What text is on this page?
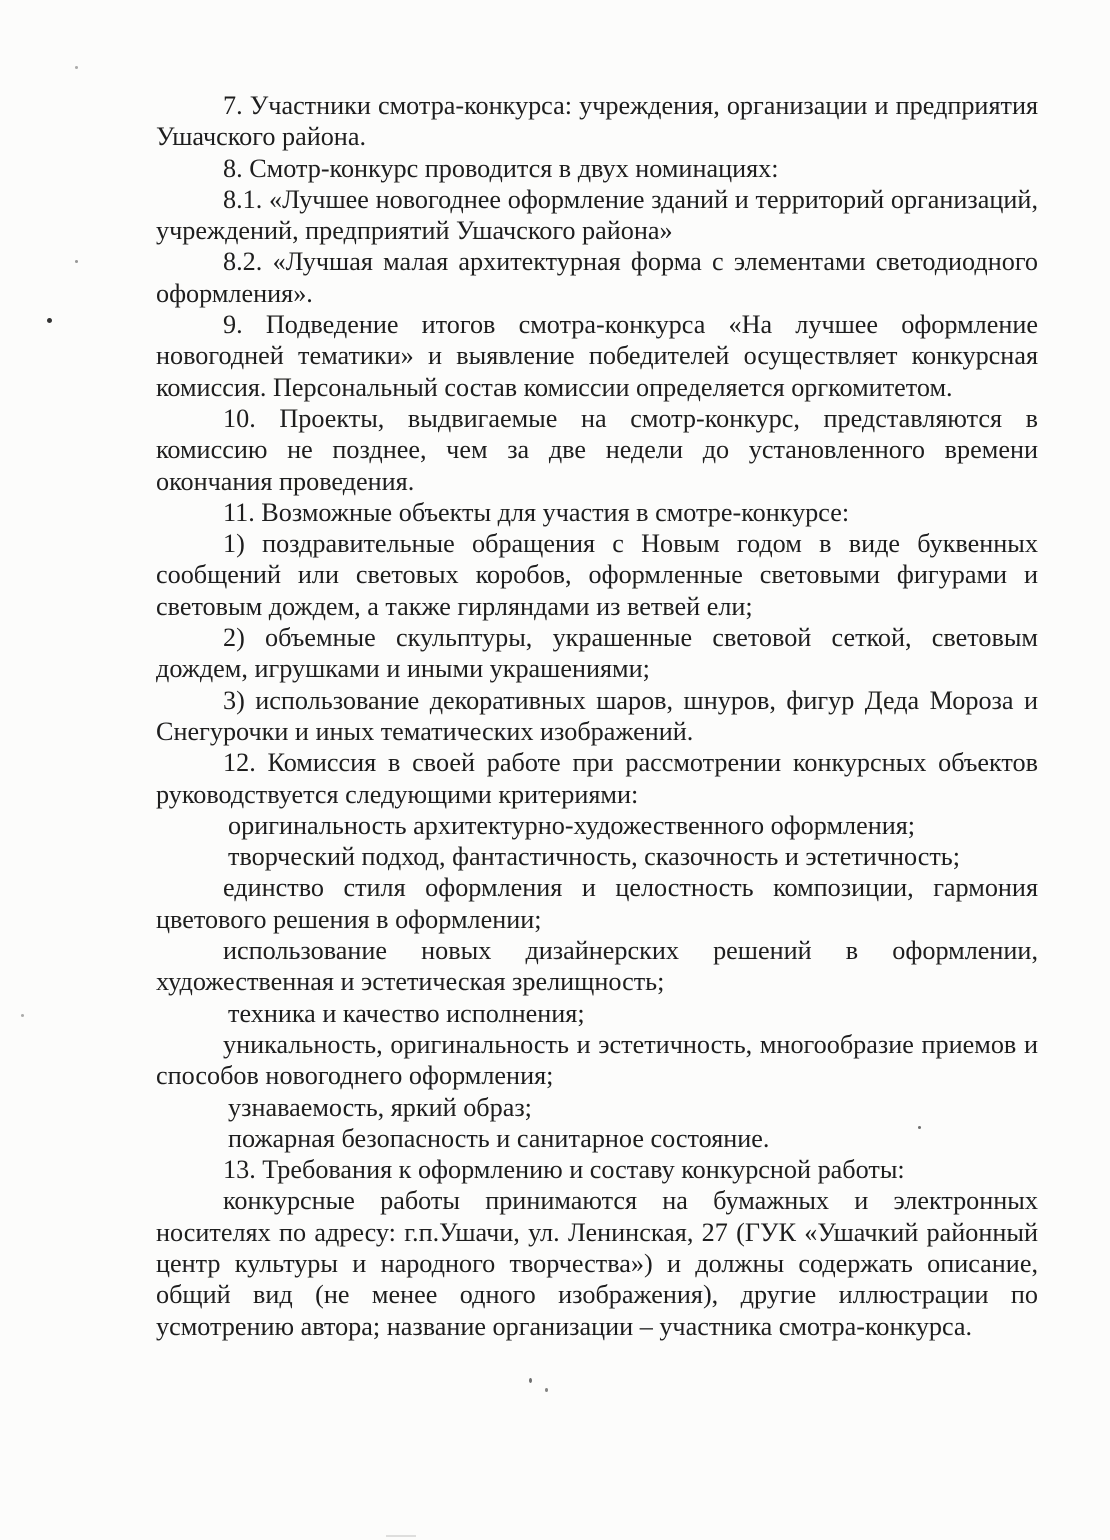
7. Участники смотра-конкурса: учреждения, организации и предприятия Ушачского района.

8. Смотр-конкурс проводится в двух номинациях:

8.1. «Лучшее новогоднее оформление зданий и территорий организаций, учреждений, предприятий Ушачского района»

8.2. «Лучшая малая архитектурная форма с элементами светодиодного оформления».

9. Подведение итогов смотра-конкурса «На лучшее оформление новогодней тематики» и выявление победителей осуществляет конкурсная комиссия. Персональный состав комиссии определяется оргкомитетом.

10. Проекты, выдвигаемые на смотр-конкурс, представляются в комиссию не позднее, чем за две недели до установленного времени окончания проведения.

11. Возможные объекты для участия в смотре-конкурсе:

1) поздравительные обращения с Новым годом в виде буквенных сообщений или световых коробов, оформленные световыми фигурами и световым дождем, а также гирляндами из ветвей ели;

2) объемные скульптуры, украшенные световой сеткой, световым дождем, игрушками и иными украшениями;

3) использование декоративных шаров, шнуров, фигур Деда Мороза и Снегурочки и иных тематических изображений.

12. Комиссия в своей работе при рассмотрении конкурсных объектов руководствуется следующими критериями:

оригинальность архитектурно-художественного оформления;

творческий подход, фантастичность, сказочность и эстетичность;

единство стиля оформления и целостность композиции, гармония цветового решения в оформлении;

использование новых дизайнерских решений в оформлении, художественная и эстетическая зрелищность;

техника и качество исполнения;

уникальность, оригинальность и эстетичность, многообразие приемов и способов новогоднего оформления;

узнаваемость, яркий образ;

пожарная безопасность и санитарное состояние.

13. Требования к оформлению и составу конкурсной работы:

конкурсные работы принимаются на бумажных и электронных носителях по адресу: г.п.Ушачи, ул. Ленинская, 27 (ГУК «Ушачкий районный центр культуры и народного творчества») и должны содержать описание, общий вид (не менее одного изображения), другие иллюстрации по усмотрению автора; название организации – участника смотра-конкурса.
